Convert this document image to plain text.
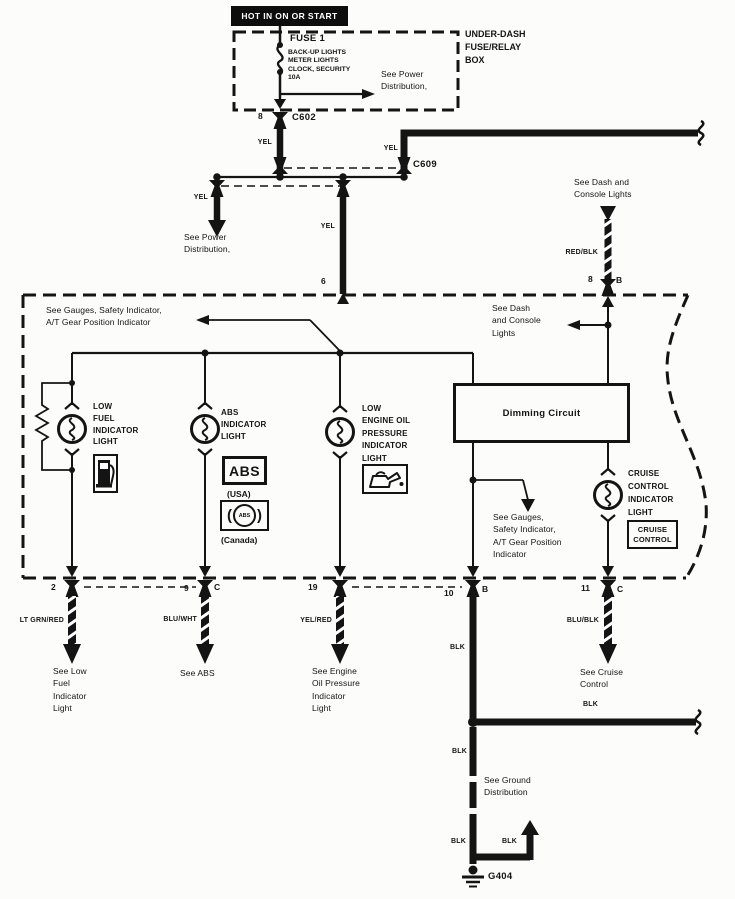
HOT IN ON OR START
Dimming Circuit
ABS
(	ABS )
CRUISE CONTROL
FUSE 1
BACK-UP LIGHTS
METER LIGHTS
CLOCK, SECURITY
10A	See Power
Distribution,
UNDER-DASH
FUSE/RELAY
BOX
8	C602
YEL
YEL
C609
YEL
See Power
Distribution,
YEL
6
See Dash and
Console Lights
RED/BLK
8	B
See Gauges, Safety Indicator,
A/T Gear Position Indicator
See Dash
and Console
Lights
LOW
FUEL
INDICATOR
LIGHT
ABS
INDICATOR
LIGHT
(USA)
(Canada)
LOW
ENGINE OIL
PRESSURE
INDICATOR
LIGHT
See Gauges,
Safety Indicator,
A/T Gear Position
Indicator
CRUISE
CONTROL
INDICATOR
LIGHT
2	9	C	19
10	B	11	C
LT GRN/RED	BLU/WHT	YEL/RED
BLK
BLU/BLK
BLK
BLK
BLK	BLK
See Low
Fuel
Indicator
Light
See ABS	See Engine
Oil Pressure
Indicator
Light
See Cruise
Control
See Ground
Distribution
G404
